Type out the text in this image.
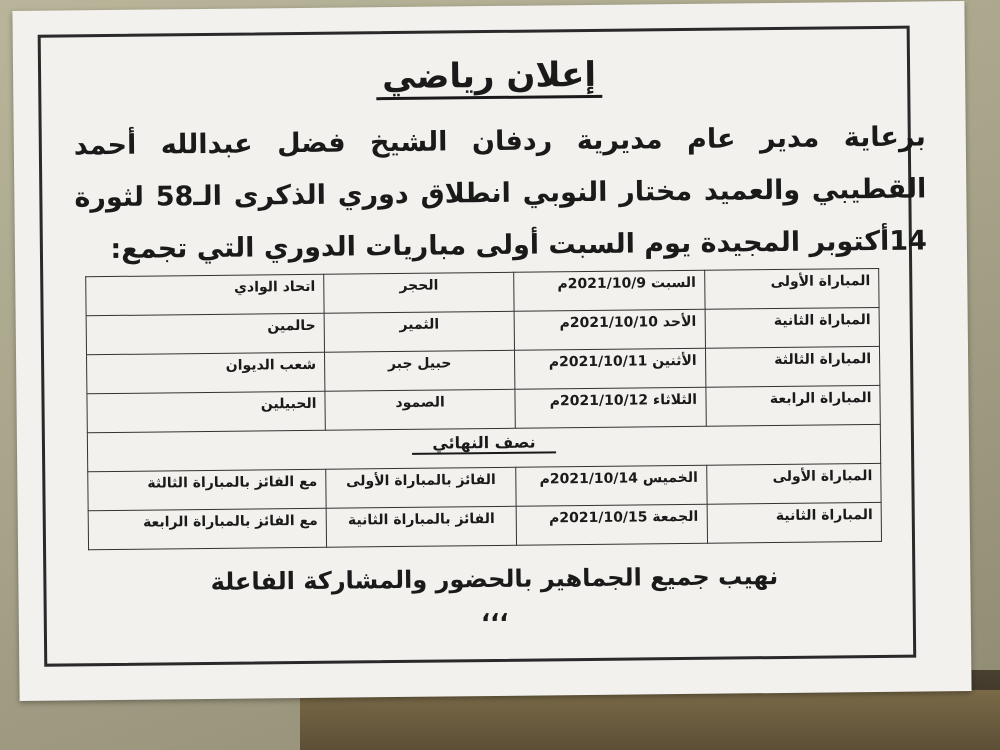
إعلان رياضي
برعاية مدير عام مديرية ردفان الشيخ فضل عبدالله أحمد القطيبي والعميد مختار النوبي انطلاق دوري الذكرى الـ58 لثورة 14أكتوبر المجيدة يوم السبت أولى مباريات الدوري التي تجمع:
المباراة الأولى	السبت 2021/10/9م	الحجر	اتحاد الوادي
المباراة الثانية	الأحد 2021/10/10م	الثمير	حالمين
المباراة الثالثة	الأثنين 2021/10/11م	حبيل جبر	شعب الديوان
المباراة الرابعة	الثلاثاء 2021/10/12م	الصمود	الحبيلين
نصف النهائي			
المباراة الأولى	الخميس 2021/10/14م	الفائز بالمباراة الأولى	مع الفائز بالمباراة الثالثة
المباراة الثانية	الجمعة 2021/10/15م	الفائز بالمباراة الثانية	مع الفائز بالمباراة الرابعة
نهيب جميع الجماهير بالحضور والمشاركة الفاعلة
،،،
